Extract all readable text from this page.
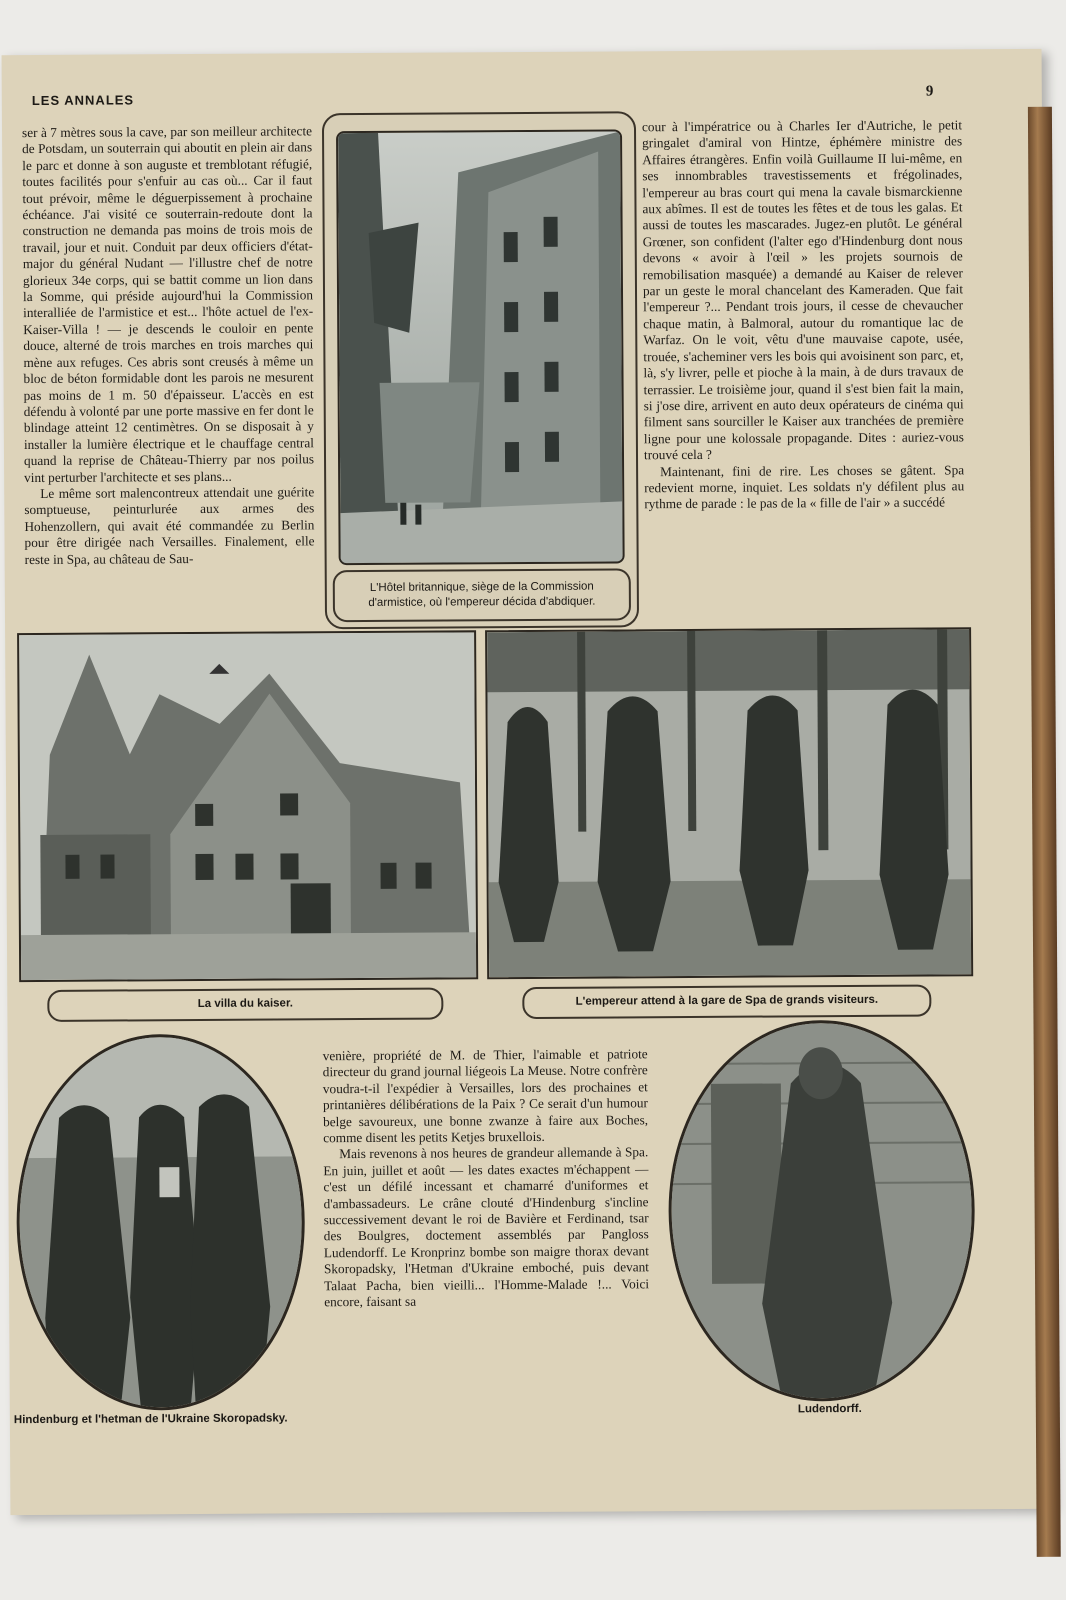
LES ANNALES
9

ser à 7 mètres sous la cave, par son meilleur architecte de Potsdam, un souterrain qui aboutit en plein air dans le parc et donne à son auguste et tremblotant réfugié, toutes facilités pour s'enfuir au cas où... Car il faut tout prévoir, même le déguerpissement à prochaine échéance. J'ai visité ce souterrain-redoute dont la construction ne demanda pas moins de trois mois de travail, jour et nuit. Conduit par deux officiers d'état-major du général Nudant — l'illustre chef de notre glorieux 34e corps, qui se battit comme un lion dans la Somme, qui préside aujourd'hui la Commission interalliée de l'armistice et est... l'hôte actuel de l'ex-Kaiser-Villa ! — je descends le couloir en pente douce, alterné de trois marches en trois marches qui mène aux refuges. Ces abris sont creusés à même un bloc de béton formidable dont les parois ne mesurent pas moins de 1 m. 50 d'épaisseur. L'accès en est défendu à volonté par une porte massive en fer dont le blindage atteint 12 centimètres. On se disposait à y installer la lumière électrique et le chauffage central quand la reprise de Château-Thierry par nos poilus vint perturber l'architecte et ses plans...

Le même sort malencontreux attendait une guérite somptueuse, peinturlurée aux armes des Hohenzollern, qui avait été commandée zu Berlin pour être dirigée nach Versailles. Finalement, elle reste in Spa, au château de Sau-

L'Hôtel britannique, siège de la Commission d'armistice, où l'empereur décida d'abdiquer.

cour à l'impératrice ou à Charles Ier d'Autriche, le petit gringalet d'amiral von Hintze, éphémère ministre des Affaires étrangères. Enfin voilà Guillaume II lui-même, en ses innombrables travestissements et frégolinades, l'empereur au bras court qui mena la cavale bismarckienne aux abîmes. Il est de toutes les fêtes et de tous les galas. Et aussi de toutes les mascarades. Jugez-en plutôt. Le général Grœner, son confident (l'alter ego d'Hindenburg dont nous devons « avoir à l'œil » les projets sournois de remobilisation masquée) a demandé au Kaiser de relever par un geste le moral chancelant des Kameraden. Que fait l'empereur ?... Pendant trois jours, il cesse de chevaucher chaque matin, à Balmoral, autour du romantique lac de Warfaz. On le voit, vêtu d'une mauvaise capote, usée, trouée, s'acheminer vers les bois qui avoisinent son parc, et, là, s'y livrer, pelle et pioche à la main, à de durs travaux de terrassier. Le troisième jour, quand il s'est bien fait la main, si j'ose dire, arrivent en auto deux opérateurs de cinéma qui filment sans sourciller le Kaiser aux tranchées de première ligne pour une kolossale propagande. Dites : auriez-vous trouvé cela ?

Maintenant, fini de rire. Les choses se gâtent. Spa redevient morne, inquiet. Les soldats n'y défilent plus au rythme de parade : le pas de la « fille de l'air » a succédé

La villa du kaiser.	L'empereur attend à la gare de Spa de grands visiteurs.
Hindenburg et l'hetman de l'Ukraine Skoropadsky.

venière, propriété de M. de Thier, l'aimable et patriote directeur du grand journal liégeois La Meuse. Notre confrère voudra-t-il l'expédier à Versailles, lors des prochaines et printanières délibérations de la Paix ? Ce serait d'un humour belge savoureux, une bonne zwanze à faire aux Boches, comme disent les petits Ketjes bruxellois.

Mais revenons à nos heures de grandeur allemande à Spa. En juin, juillet et août — les dates exactes m'échappent — c'est un défilé incessant et chamarré d'uniformes et d'ambassadeurs. Le crâne clouté d'Hindenburg s'incline successivement devant le roi de Bavière et Ferdinand, tsar des Boulgres, doctement assemblés par Pangloss Ludendorff. Le Kronprinz bombe son maigre thorax devant Skoropadsky, l'Hetman d'Ukraine emboché, puis devant Talaat Pacha, bien vieilli... l'Homme-Malade !... Voici encore, faisant sa

Ludendorff.
